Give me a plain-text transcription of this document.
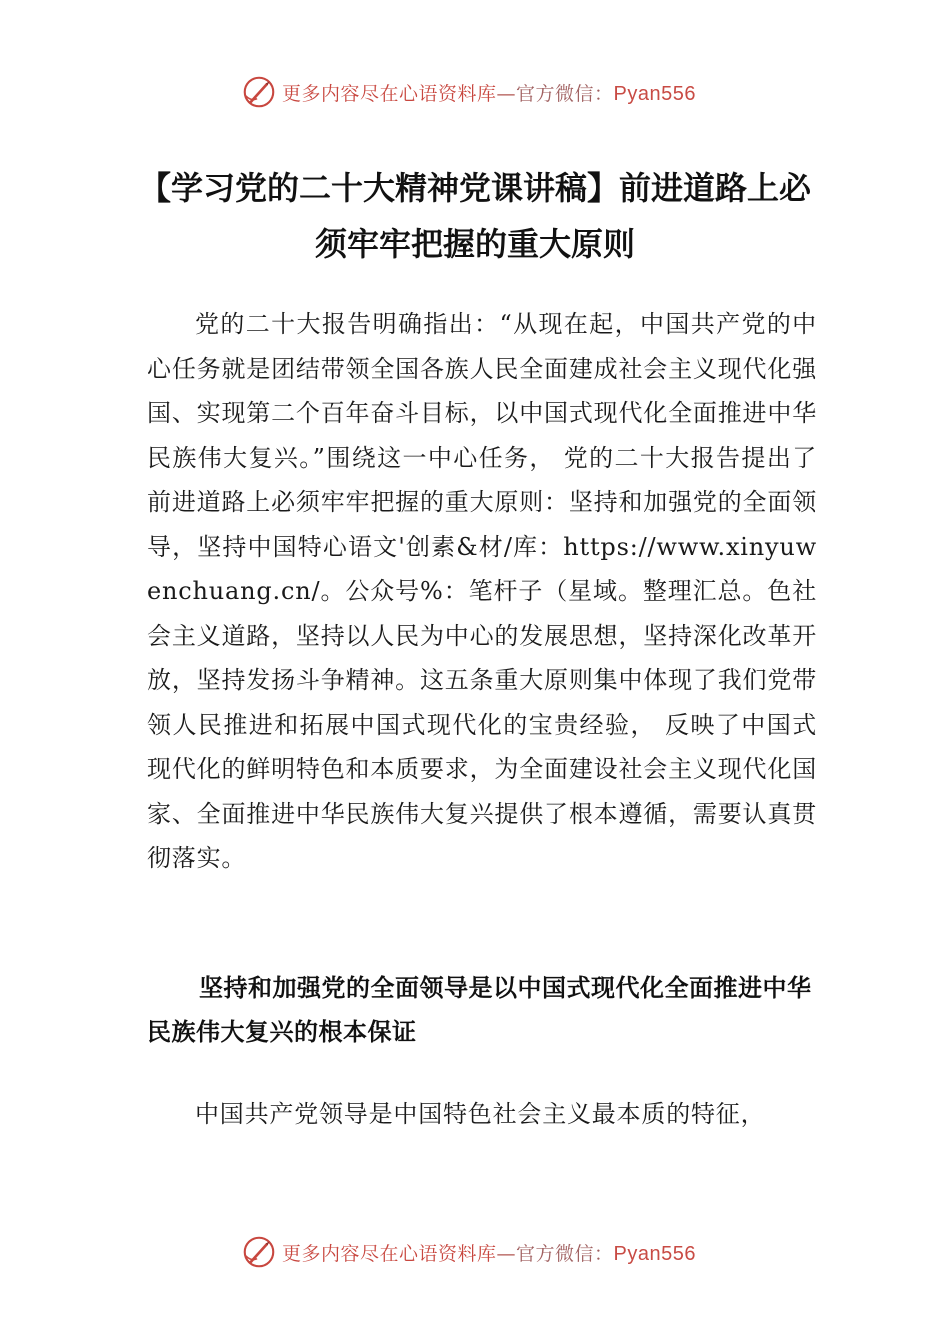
更多内容尽在心语资料库—官方微信：Pyan556
【学习党的二十大精神党课讲稿】前进道路上必须牢牢把握的重大原则

党的二十大报告明确指出：“从现在起，中国共产党的中心任务就是团结带领全国各族人民全面建成社会主义现代化强国、实现第二个百年奋斗目标，以中国式现代化全面推进中华民族伟大复兴。”围绕这一中心任务， 党的二十大报告提出了前进道路上必须牢牢把握的重大原则：坚持和加强党的全面领导，坚持中国特心语文'创素&材/库：https://www.xinyuwenchuang.cn/。公众号%：笔杆子（星域。整理汇总。色社会主义道路，坚持以人民为中心的发展思想，坚持深化改革开放，坚持发扬斗争精神。这五条重大原则集中体现了我们党带领人民推进和拓展中国式现代化的宝贵经验， 反映了中国式现代化的鲜明特色和本质要求，为全面建设社会主义现代化国家、全面推进中华民族伟大复兴提供了根本遵循，需要认真贯彻落实。

坚持和加强党的全面领导是以中国式现代化全面推进中华民族伟大复兴的根本保证

中国共产党领导是中国特色社会主义最本质的特征，

更多内容尽在心语资料库—官方微信：Pyan556
